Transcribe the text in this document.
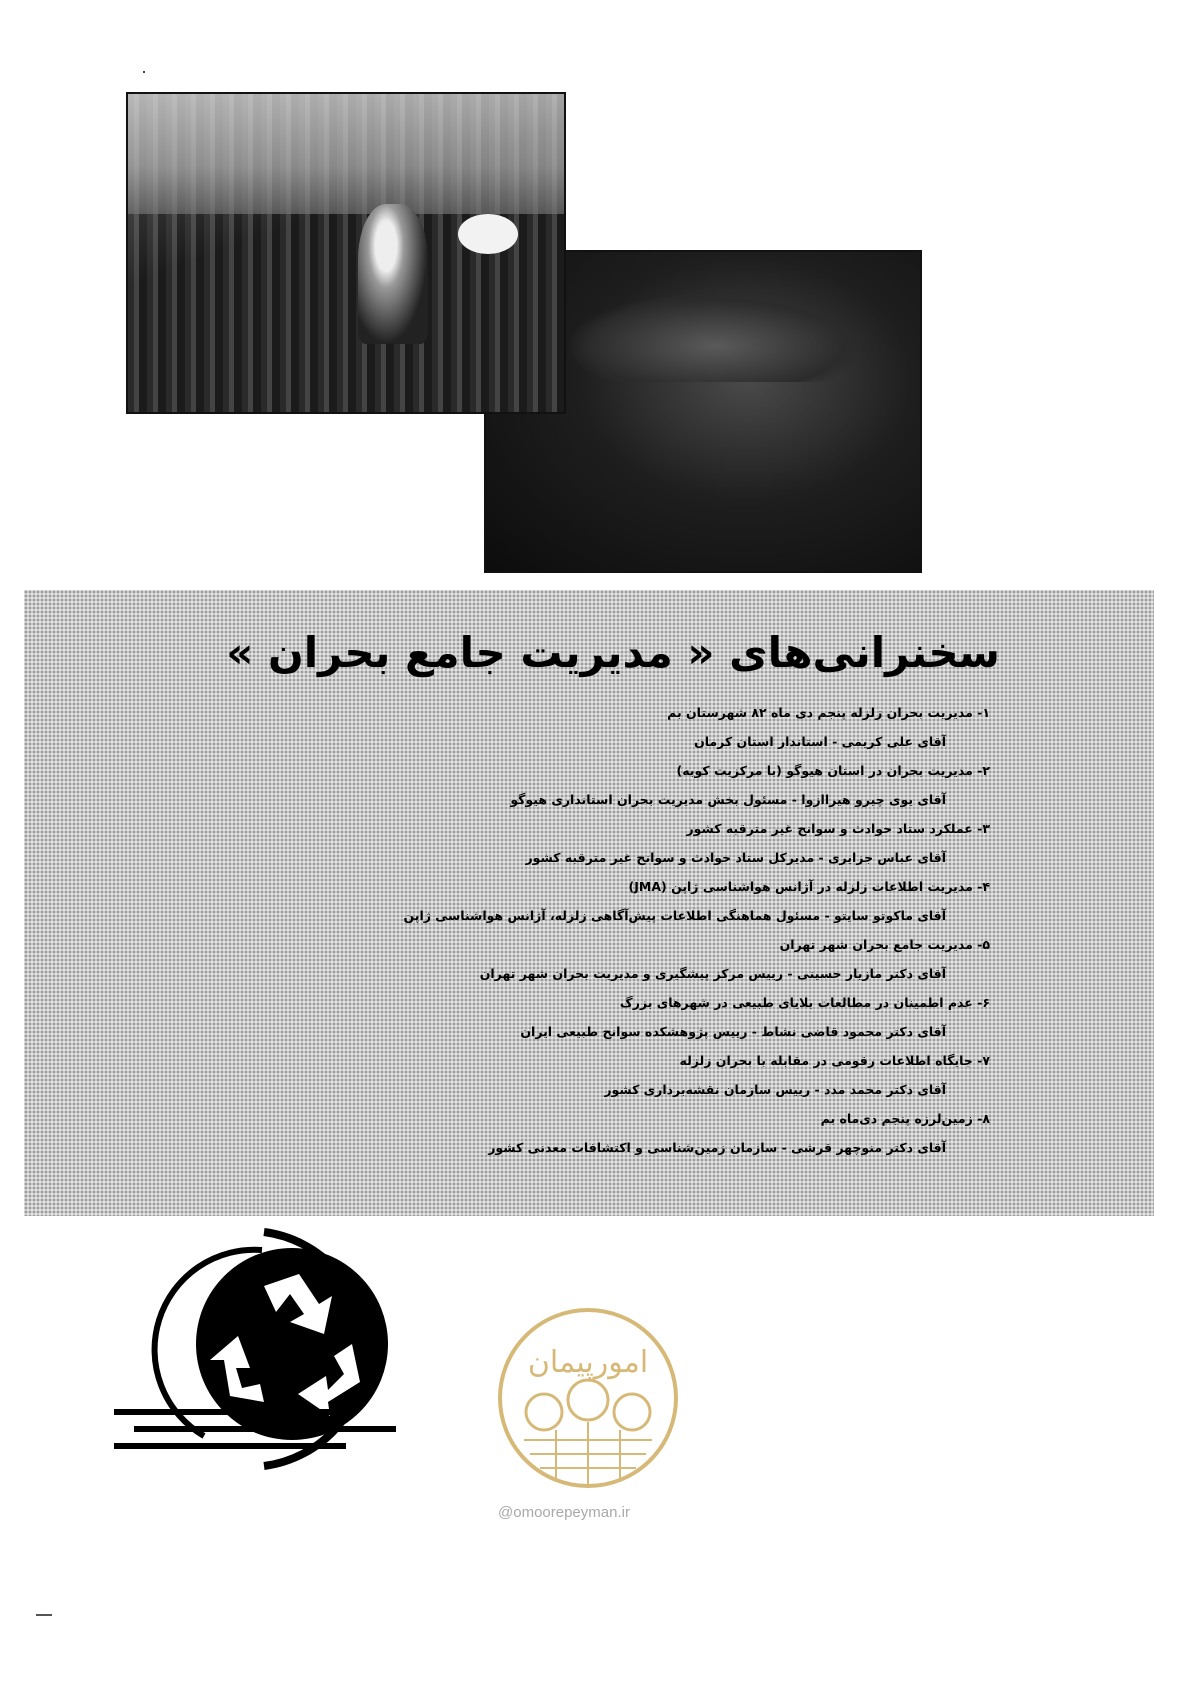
سخنرانی‌های « مدیریت جامع بحران »
۱- مدیریت بحران زلزله پنجم دی ماه ۸۲ شهرستان بم
آقای علی کریمی - استاندار استان کرمان
۲- مدیریت بحران در استان هیوگو (با مرکزیت کوبه)
آقای یوی چیرو هیراازوا - مسئول بخش مدیریت بحران استانداری هیوگو
۳- عملکرد ستاد حوادث و سوانح غیر مترقبه کشور
آقای عباس جزایری - مدیرکل ستاد حوادث و سوانح غیر مترقبه کشور
۴- مدیریت اطلاعات زلزله در آژانس هواشناسی ژاپن (JMA)
آقای ماکوتو سایتو - مسئول هماهنگی اطلاعات پیش‌آگاهی زلزله، آژانس هواشناسی ژاپن
۵- مدیریت جامع بحران شهر تهران
آقای دکتر مازیار حسینی - رییس مرکز پیشگیری و مدیریت بحران شهر تهران
۶- عدم اطمینان در مطالعات بلایای طبیعی در شهرهای بزرگ
آقای دکتر محمود قاضی نشاط - رییس پژوهشکده سوانح طبیعی ایران
۷- جایگاه اطلاعات رقومی در مقابله با بحران زلزله
آقای دکتر محمد مدد - رییس سازمان نقشه‌برداری کشور
۸- زمین‌لرزه پنجم دی‌ماه بم
آقای دکتر منوچهر قرشی - سازمان زمین‌شناسی و اکتشافات معدنی کشور
امورپیمان
@omoorepeyman.ir
